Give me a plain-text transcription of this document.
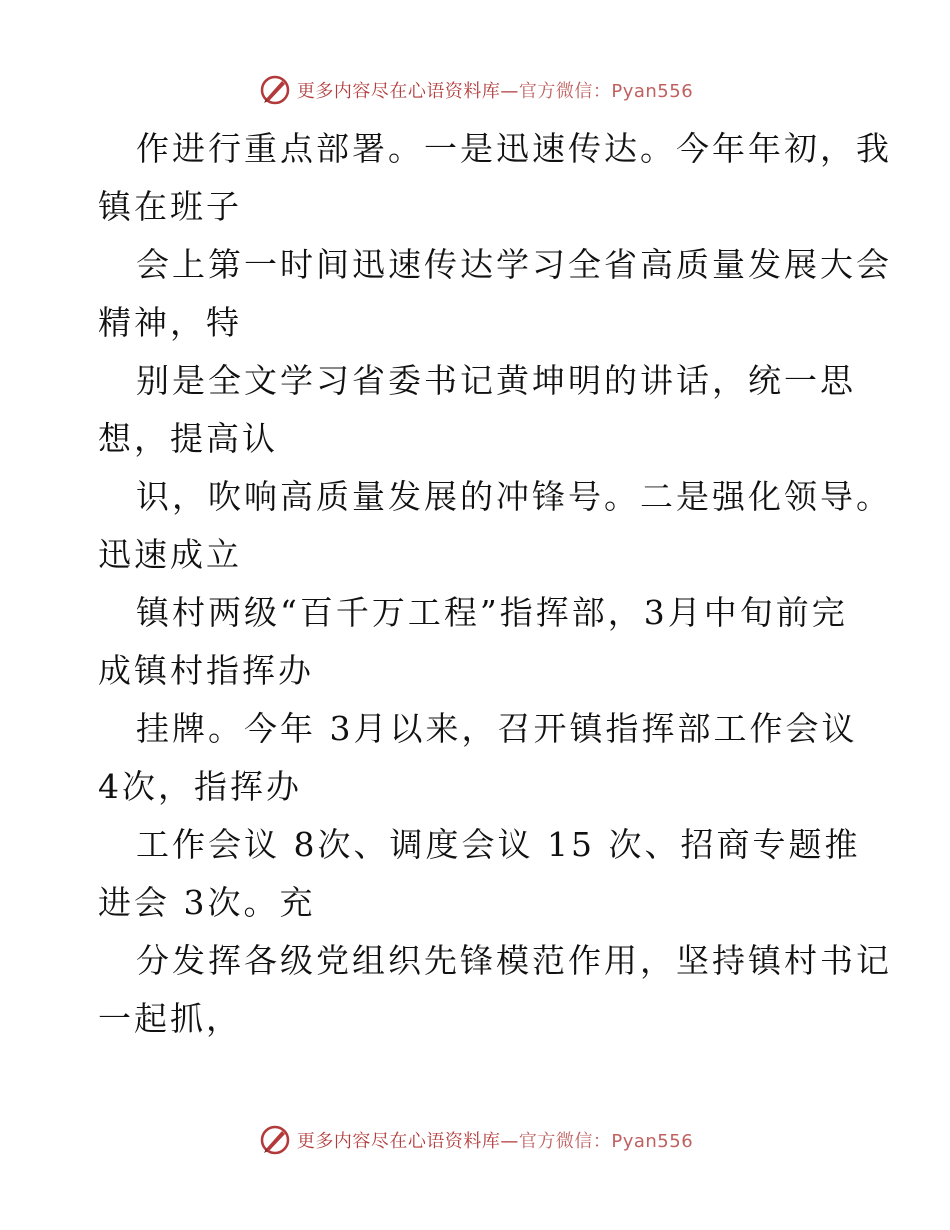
更多内容尽在心语资料库—官方微信：Pyan556
作进行重点部署。一是迅速传达。今年年初，我
镇在班子
会上第一时间迅速传达学习全省高质量发展大会
精神，特
别是全文学习省委书记黄坤明的讲话，统一思
想，提高认
识，吹响高质量发展的冲锋号。二是强化领导。
迅速成立
镇村两级“百千万工程”指挥部，3月中旬前完
成镇村指挥办
挂牌。今年 3月以来，召开镇指挥部工作会议
4次，指挥办
工作会议 8次、调度会议 15 次、招商专题推
进会 3次。充
分发挥各级党组织先锋模范作用，坚持镇村书记
一起抓，
更多内容尽在心语资料库—官方微信：Pyan556
